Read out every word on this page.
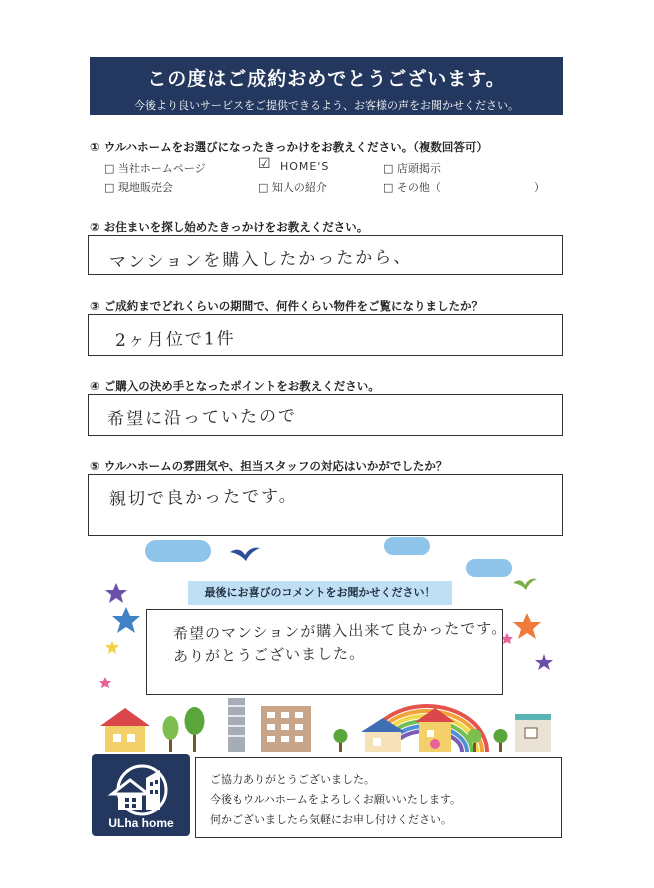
この度はご成約おめでとうございます。
今後より良いサービスをご提供できるよう、お客様の声をお聞かせください。
① ウルハホームをお選びになったきっかけをお教えください。（複数回答可）
□ 当社ホームページ	☑ HOME'S	□ 店頭掲示
□ 現地販売会	□ 知人の紹介	□ その他（	）
② お住まいを探し始めたきっかけをお教えください。
マンションを購入したかったから、
③ ご成約までどれくらいの期間で、何件くらい物件をご覧になりましたか？
2ヶ月位で1件
④ ご購入の決め手となったポイントをお教えください。
希望に沿っていたので
⑤ ウルハホームの雰囲気や、担当スタッフの対応はいかがでしたか？
親切で良かったです。
最後にお喜びのコメントをお聞かせください！
希望のマンションが購入出来て良かったです。
ありがとうございました。
ULha home
ご協力ありがとうございました。
今後もウルハホームをよろしくお願いいたします。
何かございましたら気軽にお申し付けください。
